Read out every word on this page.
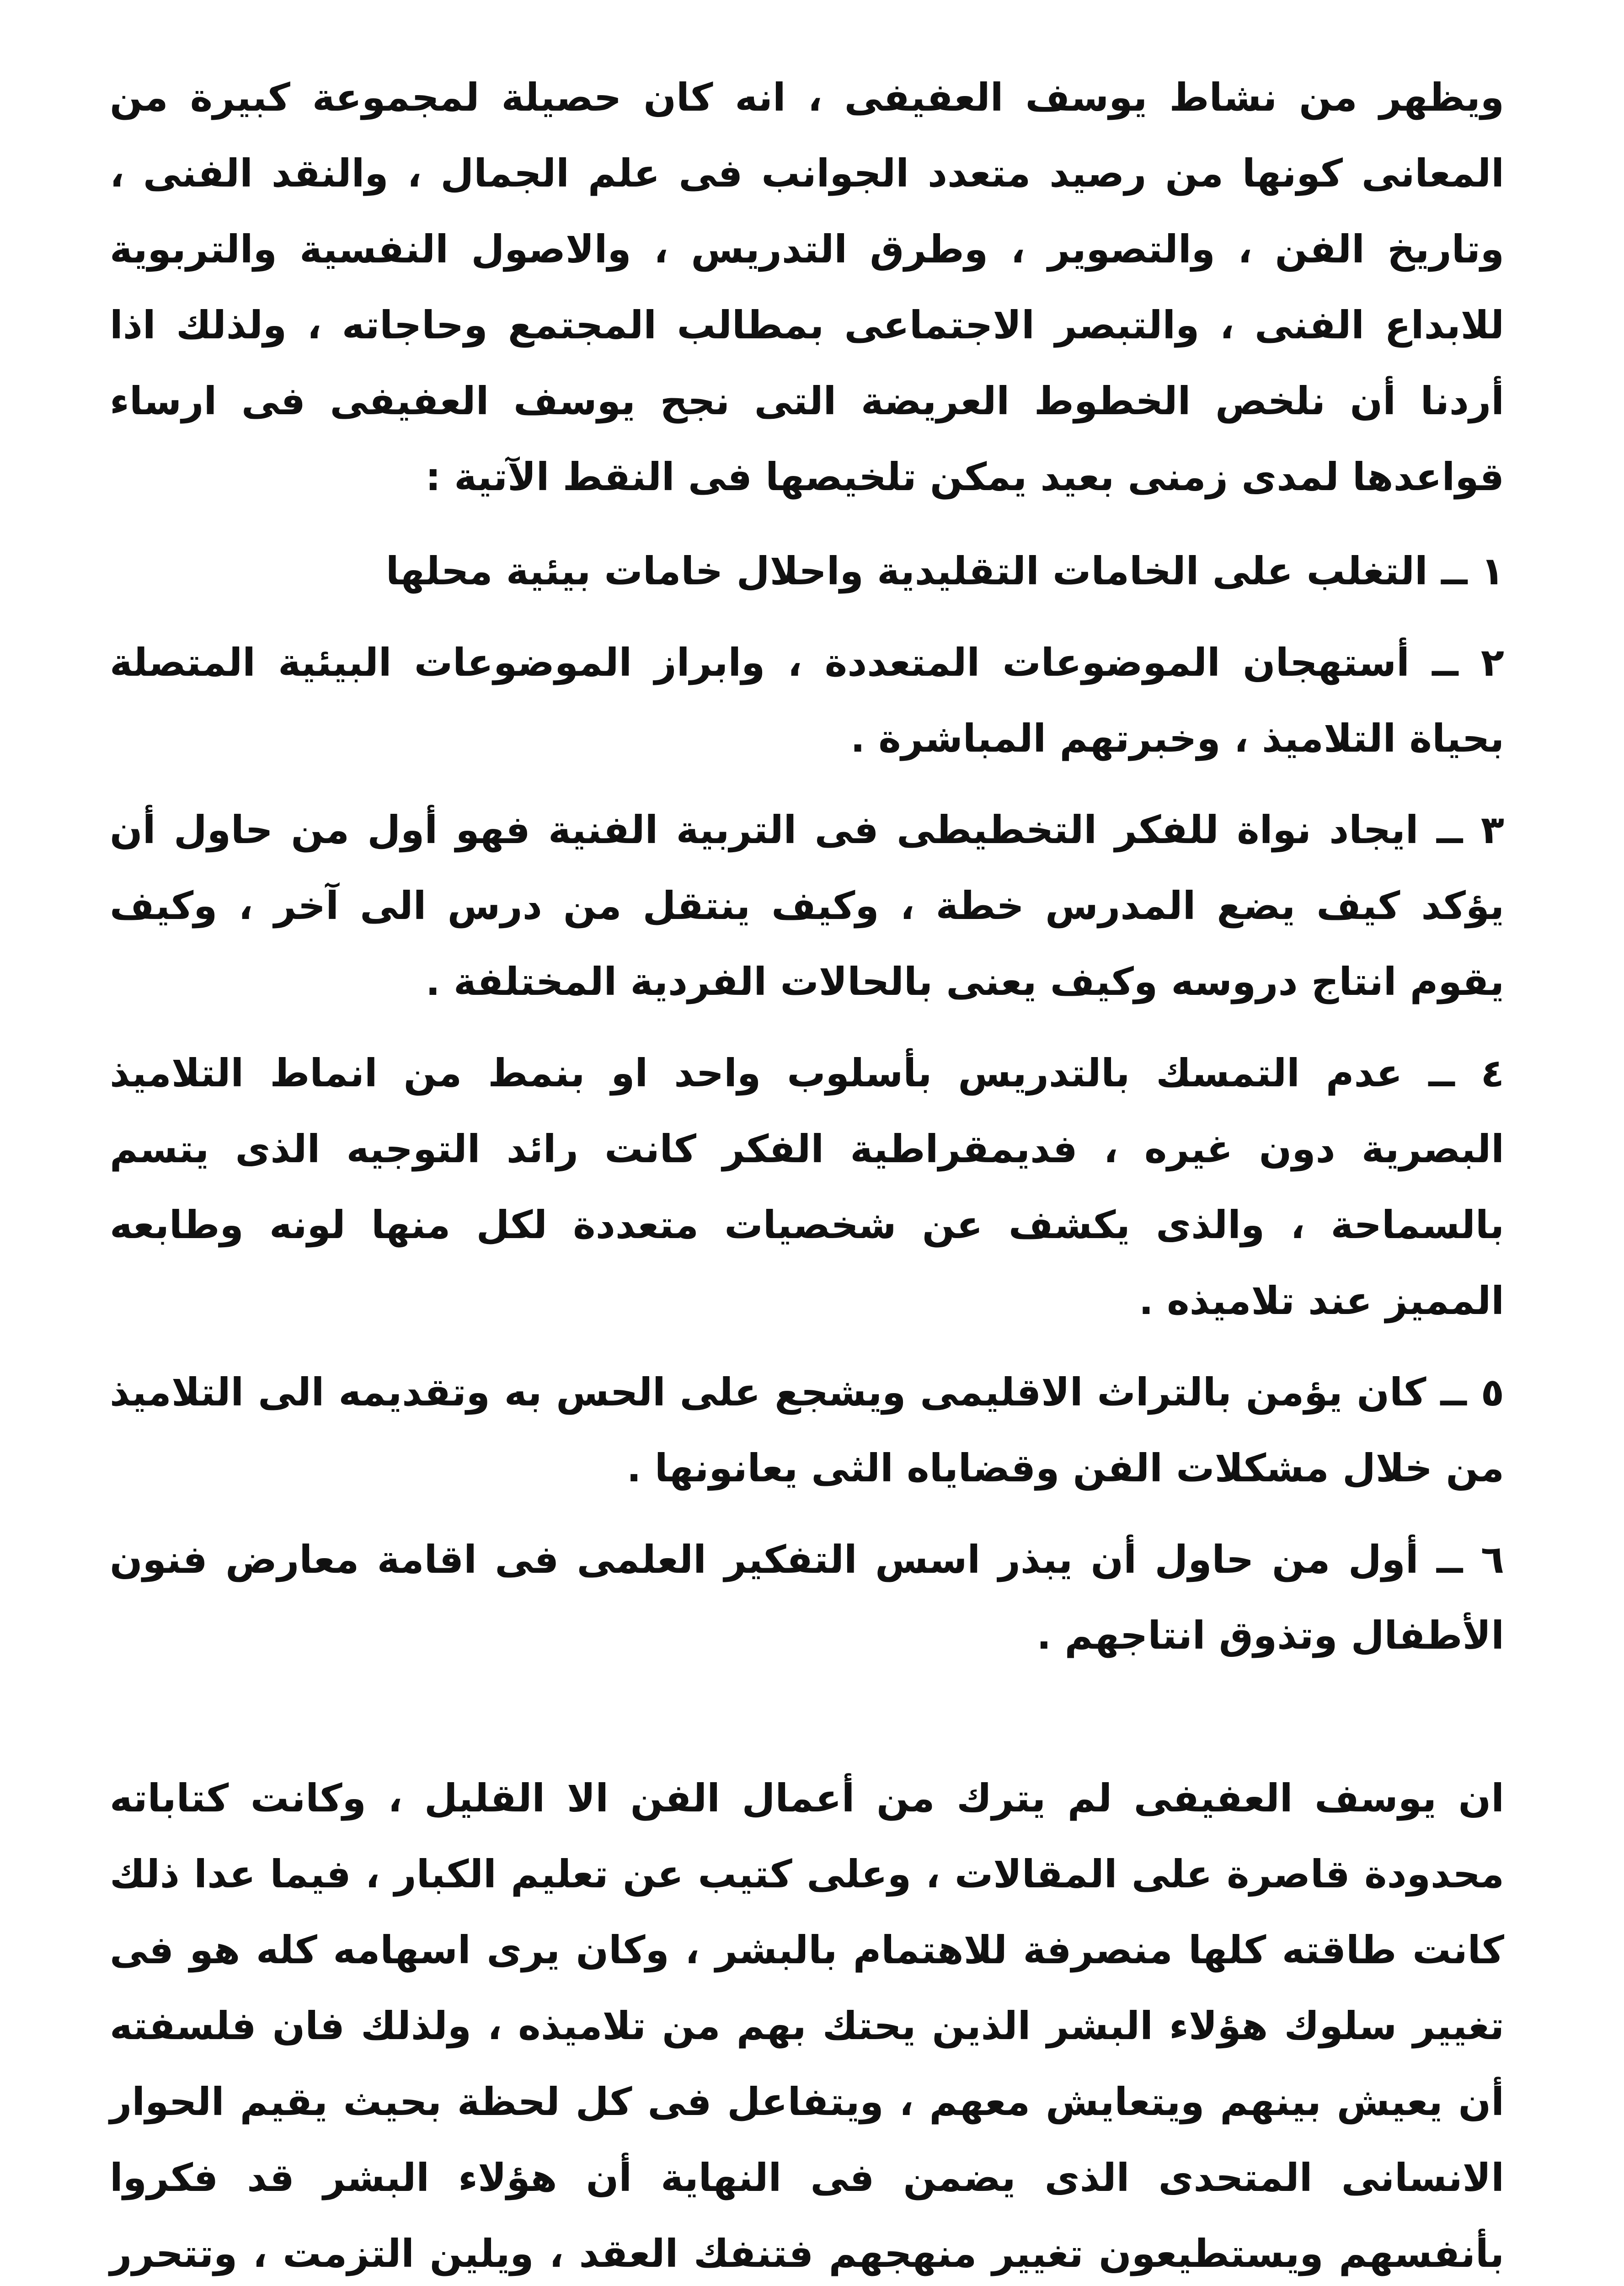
ويظهر من نشاط يوسف العفيفى ، انه كان حصيلة لمجموعة كبيرة من المعانى كونها من رصيد متعدد الجوانب فى علم الجمال ، والنقد الفنى ، وتاريخ الفن ، والتصوير ، وطرق التدريس ، والاصول النفسية والتربوية للابداع الفنى ، والتبصر الاجتماعى بمطالب المجتمع وحاجاته ، ولذلك اذا أردنا أن نلخص الخطوط العريضة التى نجح يوسف العفيفى فى ارساء قواعدها لمدى زمنى بعيد يمكن تلخيصها فى النقط الآتية :

١ ــ التغلب على الخامات التقليدية واحلال خامات بيئية محلها

٢ ــ أستهجان الموضوعات المتعددة ، وابراز الموضوعات البيئية المتصلة بحياة التلاميذ ، وخبرتهم المباشرة .

٣ ــ ايجاد نواة للفكر التخطيطى فى التربية الفنية فهو أول من حاول أن يؤكد كيف يضع المدرس خطة ، وكيف ينتقل من درس الى آخر ، وكيف يقوم انتاج دروسه وكيف يعنى بالحالات الفردية المختلفة .

٤ ــ عدم التمسك بالتدريس بأسلوب واحد او بنمط من انماط التلاميذ البصرية دون غيره ، فديمقراطية الفكر كانت رائد التوجيه الذى يتسم بالسماحة ، والذى يكشف عن شخصيات متعددة لكل منها لونه وطابعه المميز عند تلاميذه .

٥ ــ كان يؤمن بالتراث الاقليمى ويشجع على الحس به وتقديمه الى التلاميذ من خلال مشكلات الفن وقضاياه الثى يعانونها .

٦ ــ أول من حاول أن يبذر اسس التفكير العلمى فى اقامة معارض فنون الأطفال وتذوق انتاجهم .

ان يوسف العفيفى لم يترك من أعمال الفن الا القليل ، وكانت كتاباته محدودة قاصرة على المقالات ، وعلى كتيب عن تعليم الكبار ، فيما عدا ذلك كانت طاقته كلها منصرفة للاهتمام بالبشر ، وكان يرى اسهامه كله هو فى تغيير سلوك هؤلاء البشر الذين يحتك بهم من تلاميذه ، ولذلك فان فلسفته أن يعيش بينهم ويتعايش معهم ، ويتفاعل فى كل لحظة بحيث يقيم الحوار الانسانى المتحدى الذى يضمن فى النهاية أن هؤلاء البشر قد فكروا بأنفسهم ويستطيعون تغيير منهجهم فتنفك العقد ، ويلين التزمت ، وتتحرر
